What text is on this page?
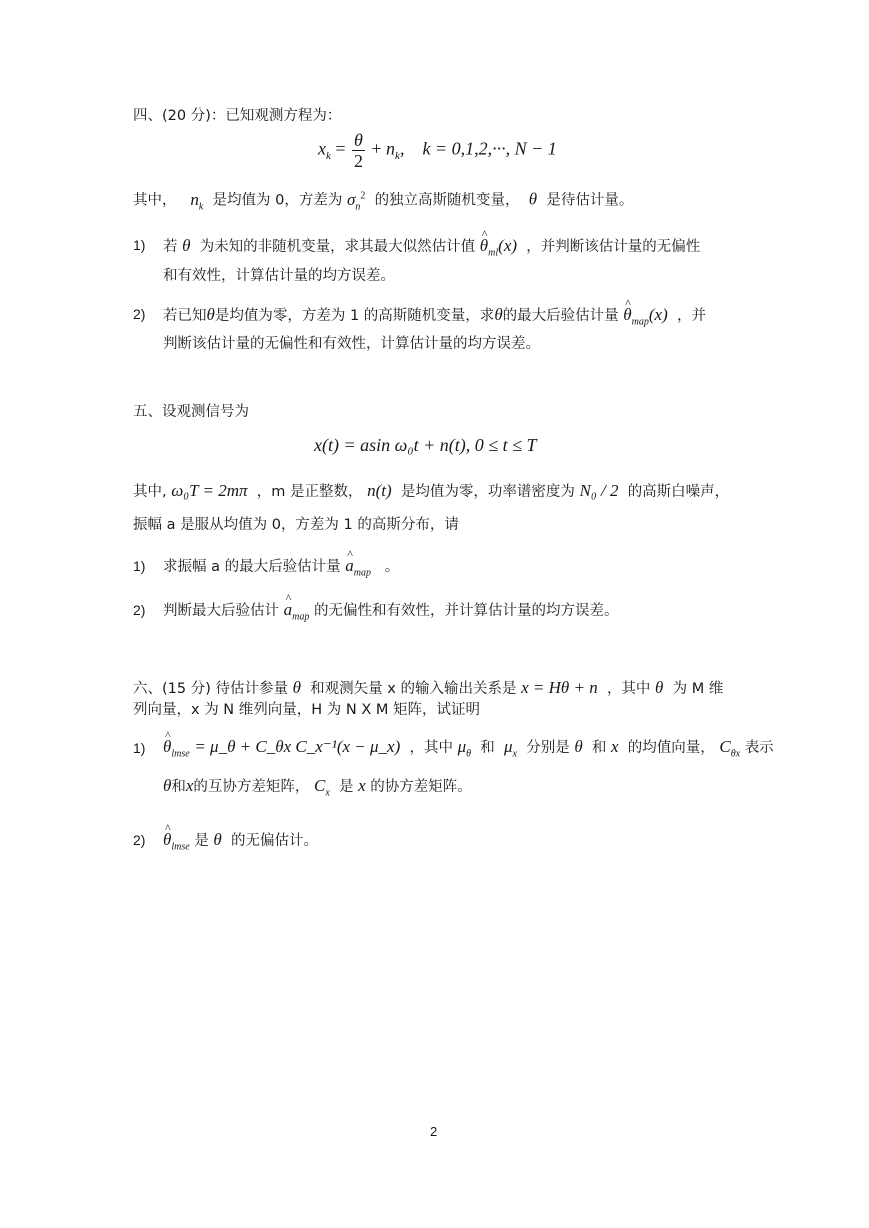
四、(20 分)：已知观测方程为：
$x_k = \frac{\theta}{2} + n_k$,    k = 0,1,2,···, N − 1
其中， $n_k$ 是均值为 0，方差为 $\sigma_n^2$ 的独立高斯随机变量， θ 是待估计量。
1) 若 θ 为未知的非随机变量，求其最大似然估计值 ^ $\theta_{ml}(x)$ ，并判断该估计量的无偏性
和有效性，计算估计量的均方误差。
2) 若已知θ是均值为零，方差为 1 的高斯随机变量，求θ的最大后验估计量 ^ $\theta_{map}(x)$ ，并
判断该估计量的无偏性和有效性，计算估计量的均方误差。
五、设观测信号为
x(t) = asin ω₀t + n(t), 0 ≤ t ≤ T
其中, ω₀T = 2mπ ，m 是正整数， n(t) 是均值为零，功率谱密度为 N₀ / 2 的高斯白噪声，
振幅 a 是服从均值为 0，方差为 1 的高斯分布，请
1) 求振幅 a 的最大后验估计量 ^ $a_{map}$ 。
2) 判断最大后验估计 ^ $a_{map}$ 的无偏性和有效性，并计算估计量的均方误差。
六、(15 分) 待估计参量 θ 和观测矢量 x 的输入输出关系是 x = Hθ + n ，其中 θ 为 M 维
列向量，x 为 N 维列向量，H 为 N X M 矩阵，试证明
1) ^ $\theta_{lmse}$ = μ_θ + C_θx C_x⁻¹(x − μ_x) ，其中 $\mu_\theta$ 和 $\mu_x$ 分别是 θ 和 x 的均值向量， $C_{\theta x}$ 表示
θ和x的互协方差矩阵， $C_x$ 是 x 的协方差矩阵。
2) ^ $\theta_{lmse}$ 是 θ 的无偏估计。
2
